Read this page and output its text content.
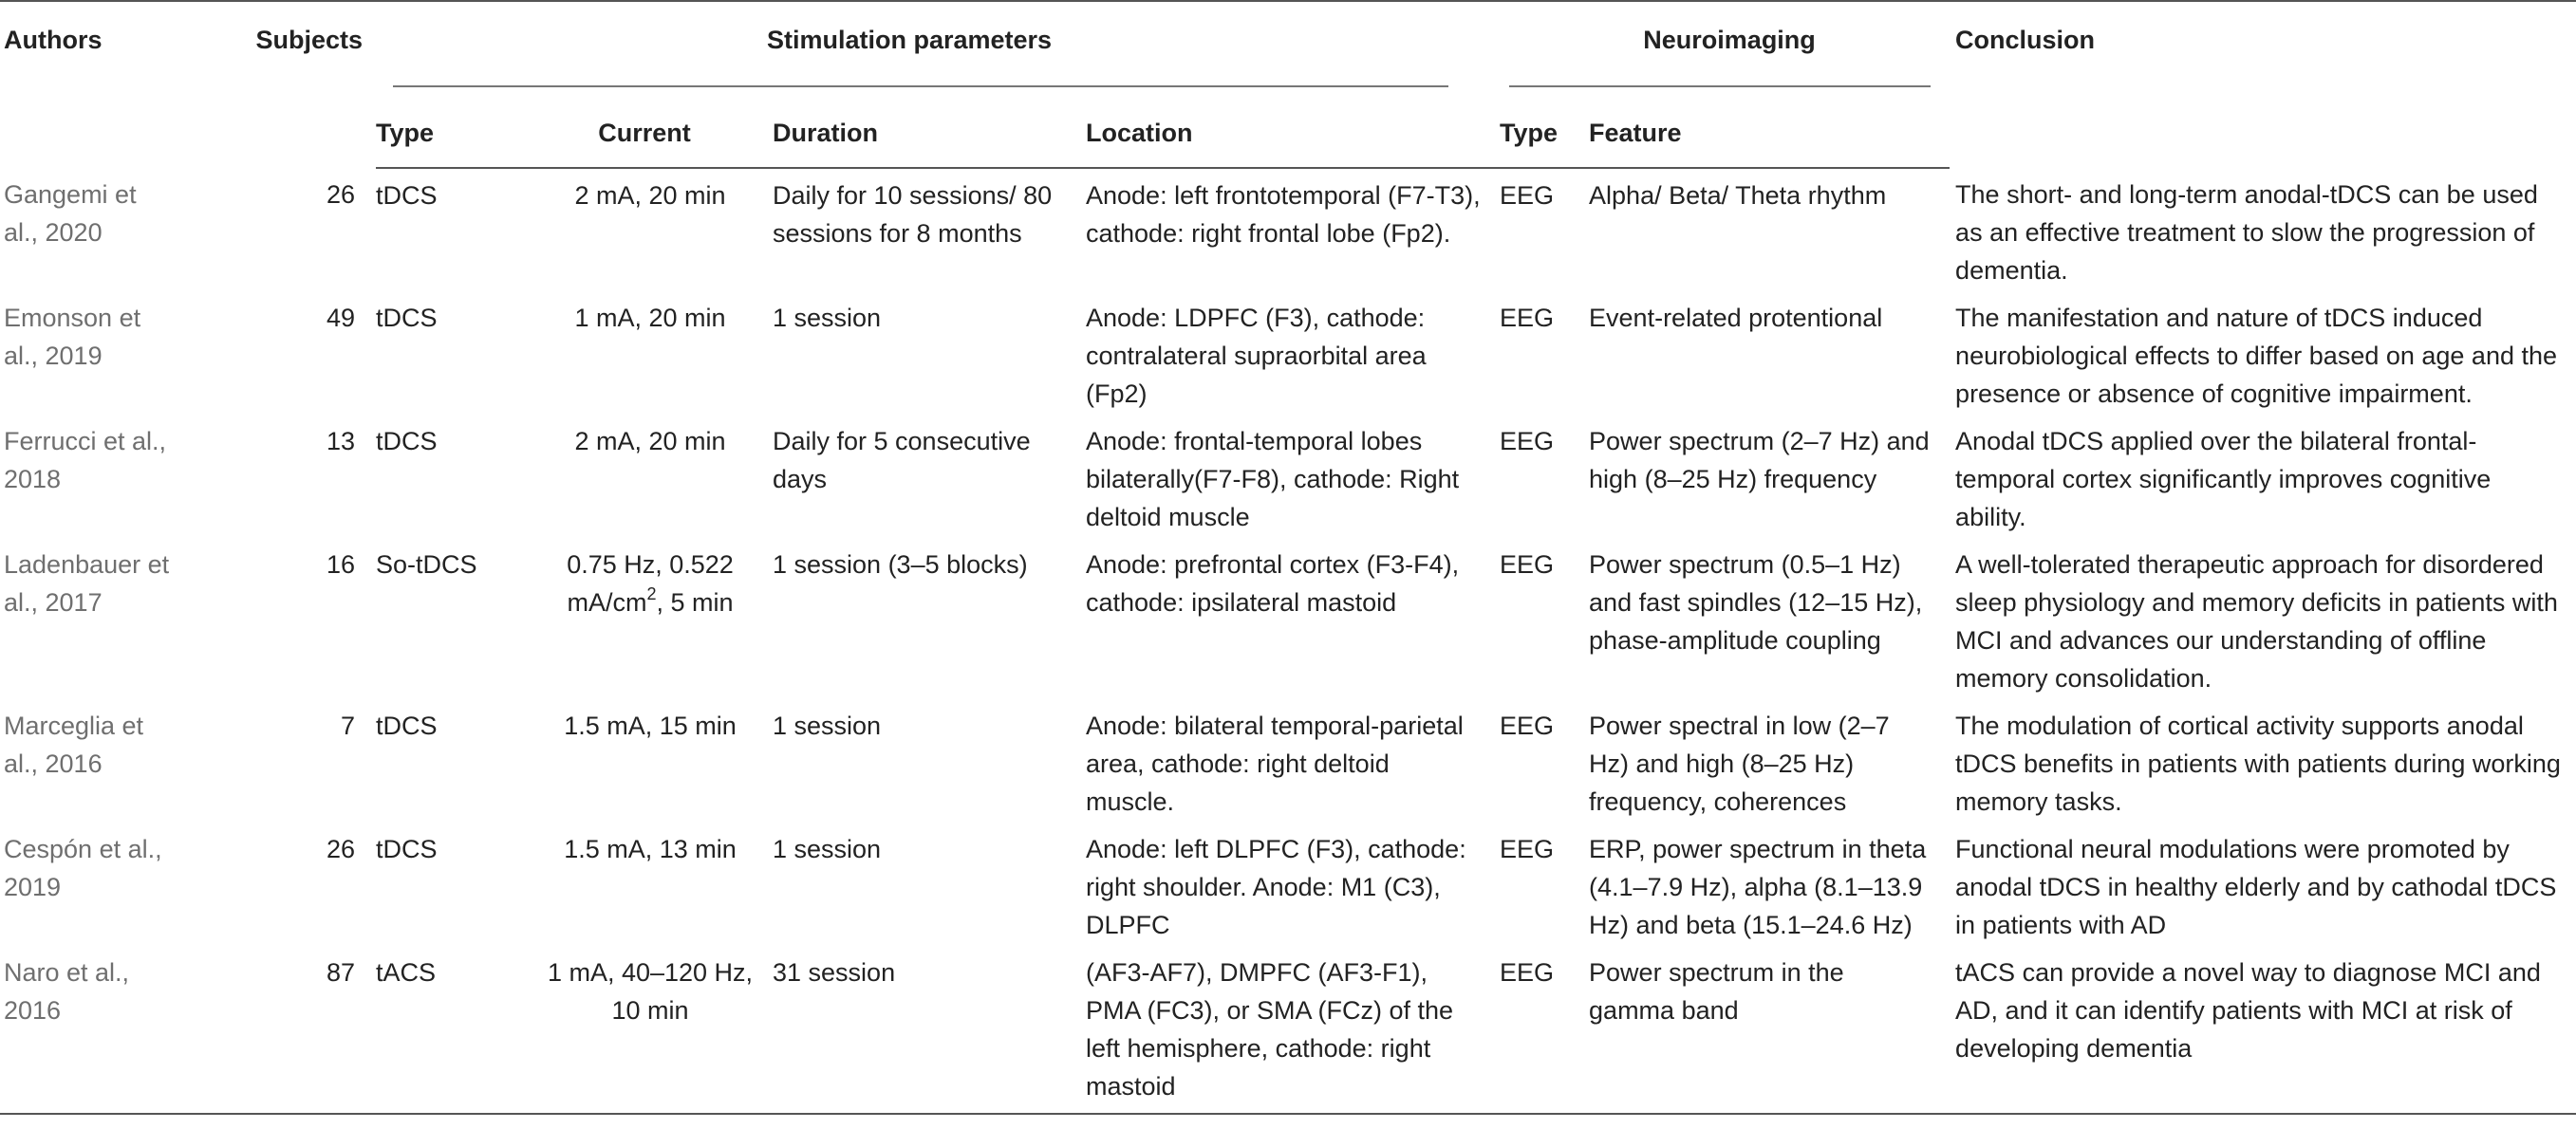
Authors	Subjects	Stimulation parameters				Neuroimaging		Conclusion
		Type	Current	Duration	Location	Type	Feature	
Gangemi et al., 2020	26	tDCS	2 mA, 20 min	Daily for 10 sessions/ 80 sessions for 8 months	Anode: left frontotemporal (F7-T3), cathode: right frontal lobe (Fp2).	EEG	Alpha/ Beta/ Theta rhythm	The short- and long-term anodal-tDCS can be used as an effective treatment to slow the progression of dementia.
Emonson et al., 2019	49	tDCS	1 mA, 20 min	1 session	Anode: LDPFC (F3), cathode: contralateral supraorbital area (Fp2)	EEG	Event-related protentional	The manifestation and nature of tDCS induced neurobiological effects to differ based on age and the presence or absence of cognitive impairment.
Ferrucci et al., 2018	13	tDCS	2 mA, 20 min	Daily for 5 consecutive days	Anode: frontal-temporal lobes bilaterally(F7-F8), cathode: Right deltoid muscle	EEG	Power spectrum (2–7 Hz) and high (8–25 Hz) frequency	Anodal tDCS applied over the bilateral frontal-temporal cortex significantly improves cognitive ability.
Ladenbauer et al., 2017	16	So-tDCS	0.75 Hz, 0.522 $mA/cm^2$, 5 min	1 session (3–5 blocks)	Anode: prefrontal cortex (F3-F4), cathode: ipsilateral mastoid	EEG	Power spectrum (0.5–1 Hz) and fast spindles (12–15 Hz), phase-amplitude coupling	A well-tolerated therapeutic approach for disordered sleep physiology and memory deficits in patients with MCI and advances our understanding of offline memory consolidation.
Marceglia et al., 2016	7	tDCS	1.5 mA, 15 min	1 session	Anode: bilateral temporal-parietal area, cathode: right deltoid muscle.	EEG	Power spectral in low (2–7 Hz) and high (8–25 Hz) frequency, coherences	The modulation of cortical activity supports anodal tDCS benefits in patients with patients during working memory tasks.
Cespón et al., 2019	26	tDCS	1.5 mA, 13 min	1 session	Anode: left DLPFC (F3), cathode: right shoulder. Anode: M1 (C3), DLPFC	EEG	ERP, power spectrum in theta (4.1–7.9 Hz), alpha (8.1–13.9 Hz) and beta (15.1–24.6 Hz)	Functional neural modulations were promoted by anodal tDCS in healthy elderly and by cathodal tDCS in patients with AD
Naro et al., 2016	87	tACS	1 mA, 40–120 Hz, 10 min	31 session	(AF3-AF7), DMPFC (AF3-F1), PMA (FC3), or SMA (FCz) of the left hemisphere, cathode: right mastoid	EEG	Power spectrum in the gamma band	tACS can provide a novel way to diagnose MCI and AD, and it can identify patients with MCI at risk of developing dementia
